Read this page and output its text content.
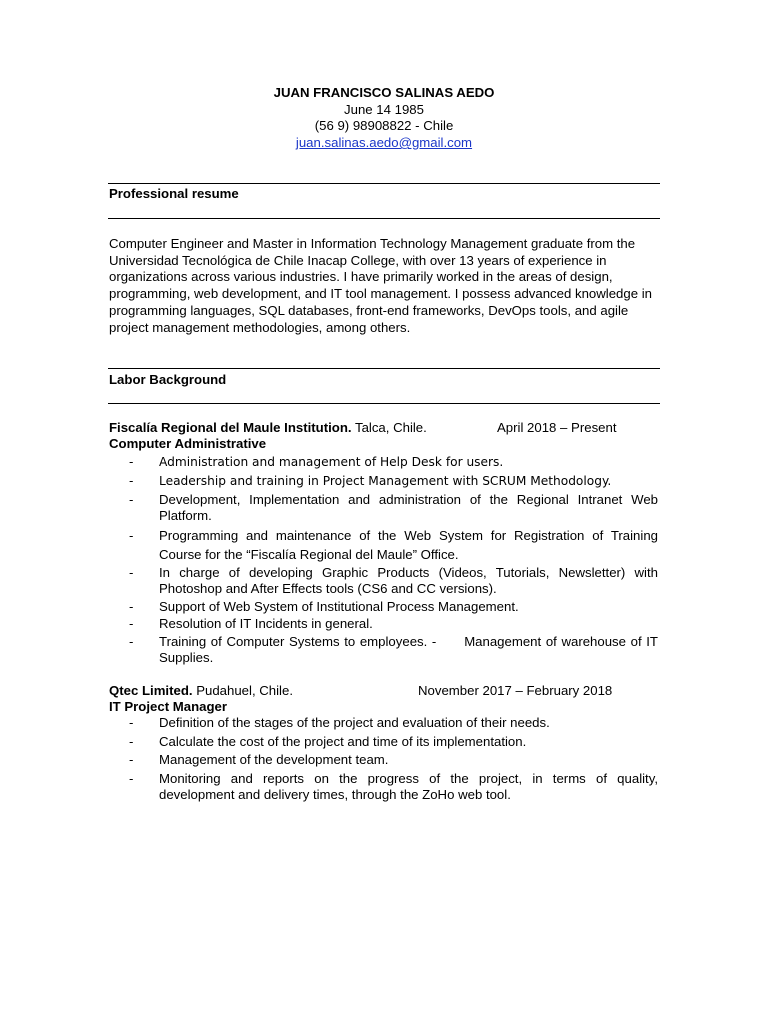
JUAN FRANCISCO SALINAS AEDO
June 14 1985
(56 9) 98908822 - Chile
juan.salinas.aedo@gmail.com
Professional resume
Computer Engineer and Master in Information Technology Management graduate from the Universidad Tecnológica de Chile Inacap College, with over 13 years of experience in organizations across various industries. I have primarily worked in the areas of design, programming, web development, and IT tool management. I possess advanced knowledge in programming languages, SQL databases, front-end frameworks, DevOps tools, and agile project management methodologies, among others.
Labor Background
Fiscalía Regional del Maule Institution. Talca, Chile.	April 2018 – Present
Computer Administrative
- Administration and management of Help Desk for users.
- Leadership and training in Project Management with SCRUM Methodology.
- Development, Implementation and administration of the Regional Intranet Web Platform.
- Programming and maintenance of the Web System for Registration of Training Course for the “Fiscalía Regional del Maule” Office.
- In charge of developing Graphic Products (Videos, Tutorials, Newsletter) with Photoshop and After Effects tools (CS6 and CC versions).
- Support of Web System of Institutional Process Management.
- Resolution of IT Incidents in general.
- Training of Computer Systems to employees. -      Management of warehouse of IT Supplies.
Qtec Limited. Pudahuel, Chile.	November 2017 – February 2018
IT Project Manager
- Definition of the stages of the project and evaluation of their needs.
- Calculate the cost of the project and time of its implementation.
- Management of the development team.
- Monitoring and reports on the progress of the project, in terms of quality, development and delivery times, through the ZoHo web tool.
